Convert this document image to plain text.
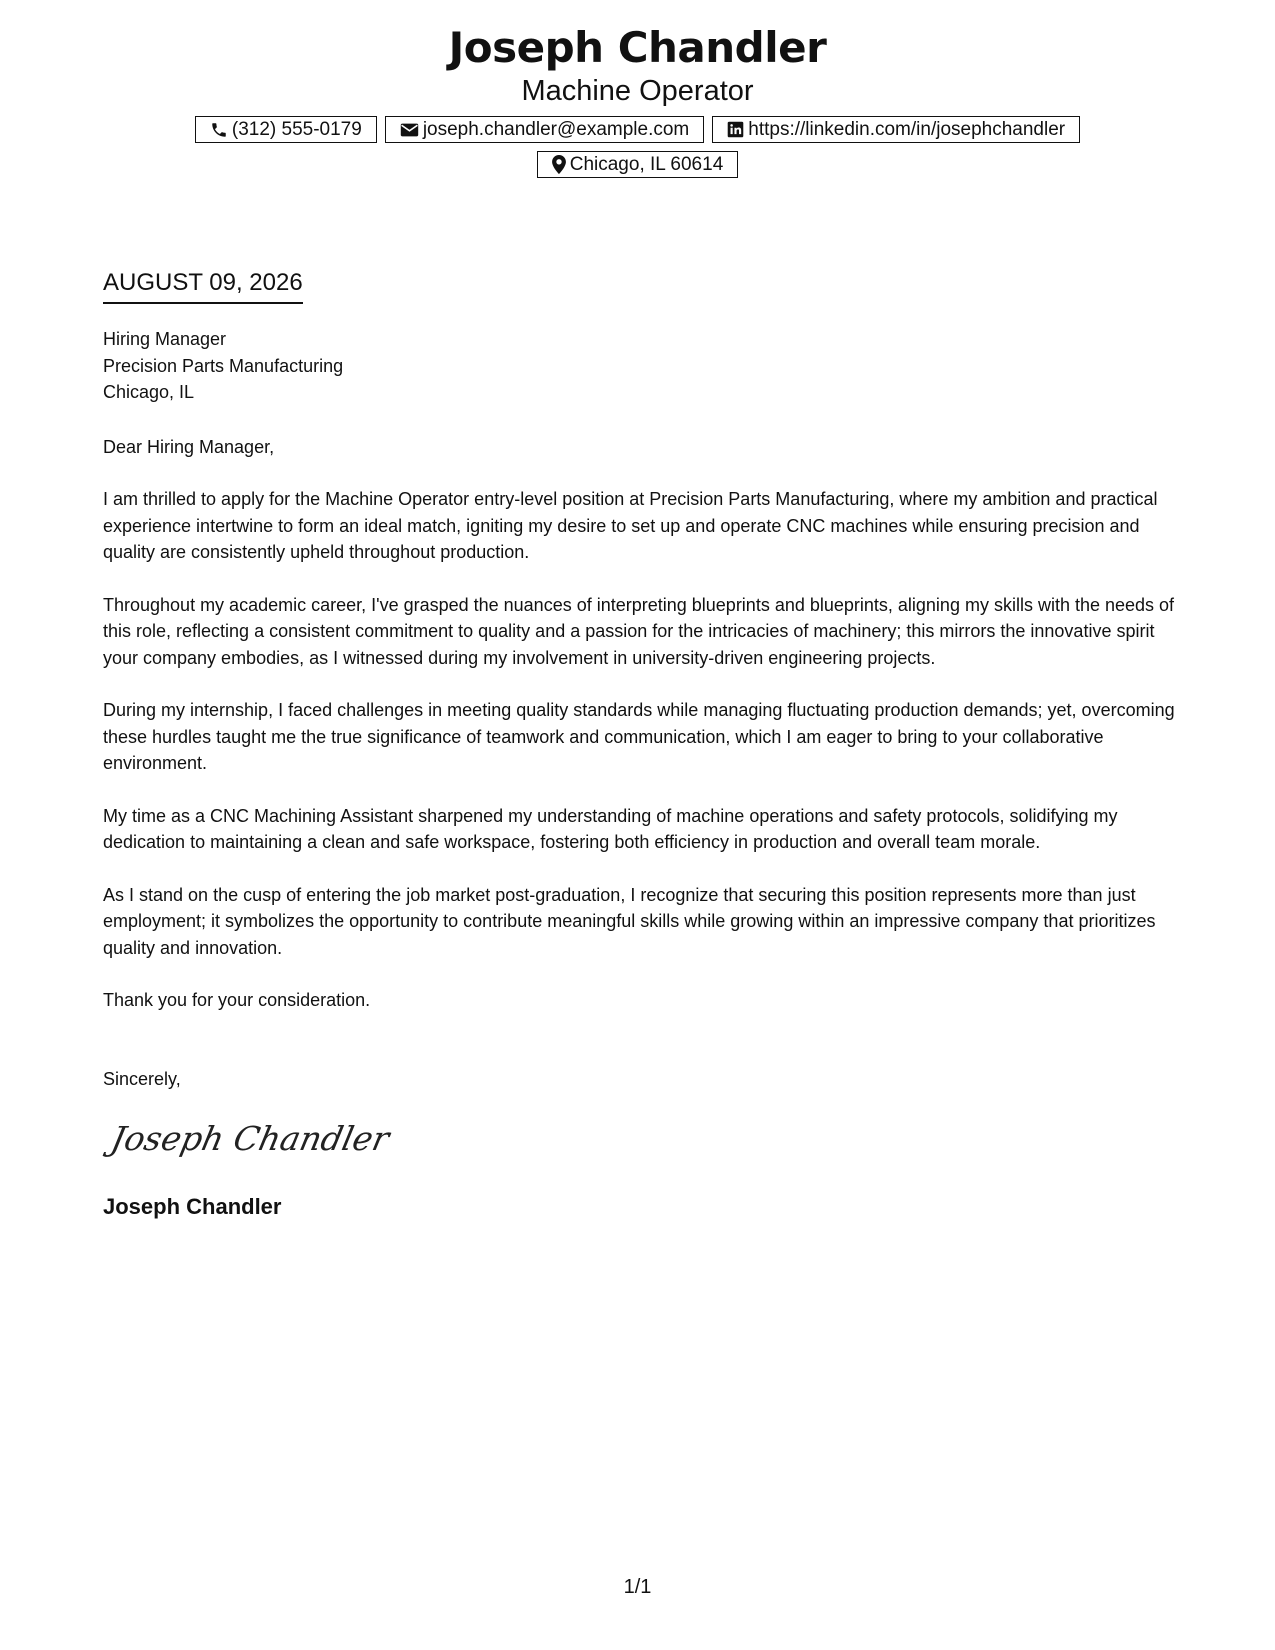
Joseph Chandler
Machine Operator
(312) 555-0179	joseph.chandler@example.com	https://linkedin.com/in/josephchandler
Chicago, IL 60614
AUGUST 09, 2026
Hiring Manager
Precision Parts Manufacturing
Chicago, IL
Dear Hiring Manager,

I am thrilled to apply for the Machine Operator entry-level position at Precision Parts Manufacturing, where my ambition and practical experience intertwine to form an ideal match, igniting my desire to set up and operate CNC machines while ensuring precision and quality are consistently upheld throughout production.

Throughout my academic career, I've grasped the nuances of interpreting blueprints and blueprints, aligning my skills with the needs of this role, reflecting a consistent commitment to quality and a passion for the intricacies of machinery; this mirrors the innovative spirit your company embodies, as I witnessed during my involvement in university-driven engineering projects.

During my internship, I faced challenges in meeting quality standards while managing fluctuating production demands; yet, overcoming these hurdles taught me the true significance of teamwork and communication, which I am eager to bring to your collaborative environment.

My time as a CNC Machining Assistant sharpened my understanding of machine operations and safety protocols, solidifying my dedication to maintaining a clean and safe workspace, fostering both efficiency in production and overall team morale.

As I stand on the cusp of entering the job market post-graduation, I recognize that securing this position represents more than just employment; it symbolizes the opportunity to contribute meaningful skills while growing within an impressive company that prioritizes quality and innovation.

Thank you for your consideration.
Sincerely,
Joseph Chandler
Joseph Chandler
1/1
